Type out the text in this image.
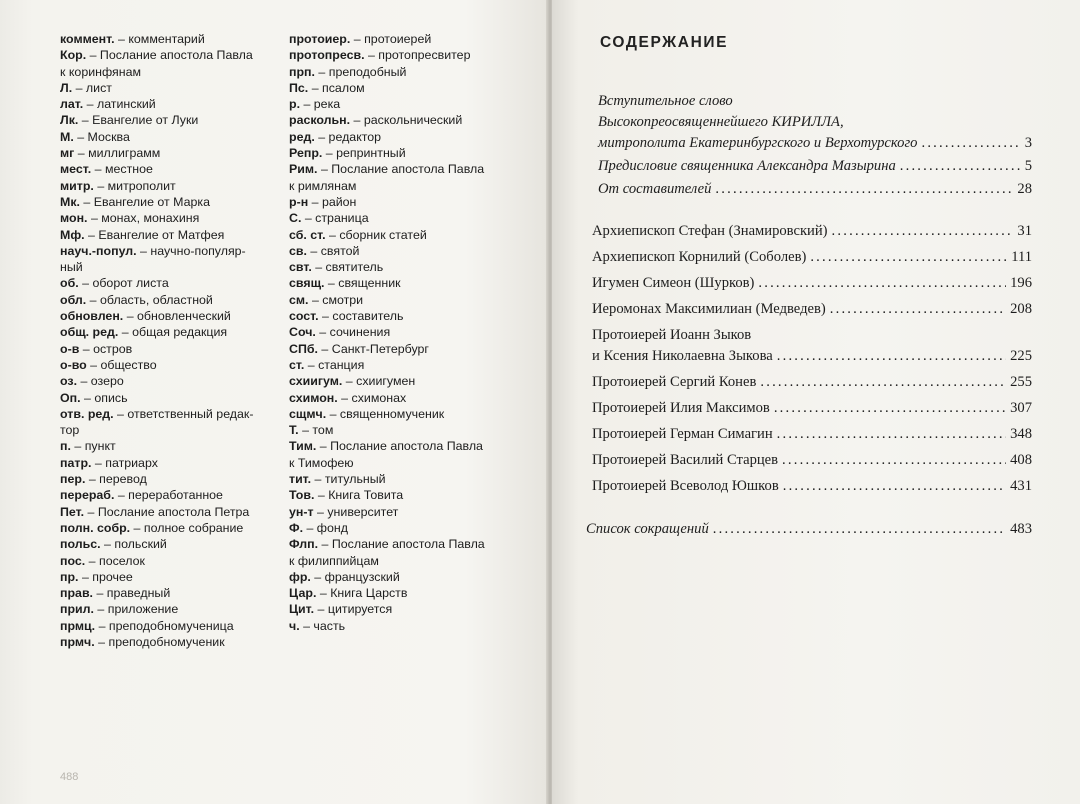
коммент. – комментарий
Кор. – Послание апостола Павла
к коринфянам
Л. – лист
лат. – латинский
Лк. – Евангелие от Луки
М. – Москва
мг – миллиграмм
мест. – местное
митр. – митрополит
Мк. – Евангелие от Марка
мон. – монах, монахиня
Мф. – Евангелие от Матфея
науч.-попул. – научно-популяр-
ный
об. – оборот листа
обл. – область, областной
обновлен. – обновленческий
общ. ред. – общая редакция
о-в – остров
о-во – общество
оз. – озеро
Оп. – опись
отв. ред. – ответственный редак-
тор
п. – пункт
патр. – патриарх
пер. – перевод
перераб. – переработанное
Пет. – Послание апостола Петра
полн. собр. – полное собрание
польс. – польский
пос. – поселок
пр. – прочее
прав. – праведный
прил. – приложение
прмц. – преподобномученица
прмч. – преподобномученик
протоиер. – протоиерей
протопресв. – протопресвитер
прп. – преподобный
Пс. – псалом
р. – река
раскольн. – раскольнический
ред. – редактор
Репр. – репринтный
Рим. – Послание апостола Павла
к римлянам
р-н – район
С. – страница
сб. ст. – сборник статей
св. – святой
свт. – святитель
свящ. – священник
см. – смотри
сост. – составитель
Соч. – сочинения
СПб. – Санкт-Петербург
ст. – станция
схиигум. – схиигумен
схимон. – схимонах
сщмч. – священномученик
Т. – том
Тим. – Послание апостола Павла
к Тимофею
тит. – титульный
Тов. – Книга Товита
ун-т – университет
Ф. – фонд
Флп. – Послание апостола Павла
к филиппийцам
фр. – французский
Цар. – Книга Царств
Цит. – цитируется
ч. – часть
488
СОДЕРЖАНИЕ
Вступительное слово
Высокопреосвященнейшего КИРИЛЛА,
митрополита Екатеринбургского и Верхотурского .....	3
Предисловие священника Александра Мазырина .....	5
От составителей .....	28
Архиепископ Стефан (Знамировский) .....	31
Архиепископ Корнилий (Соболев) .....	111
Игумен Симеон (Шурков) .....	196
Иеромонах Максимилиан (Медведев) .....	208
Протоиерей Иоанн Зыков
и Ксения Николаевна Зыкова .....	225
Протоиерей Сергий Конев .....	255
Протоиерей Илия Максимов .....	307
Протоиерей Герман Симагин .....	348
Протоиерей Василий Старцев .....	408
Протоиерей Всеволод Юшков .....	431
Список сокращений .....	483
